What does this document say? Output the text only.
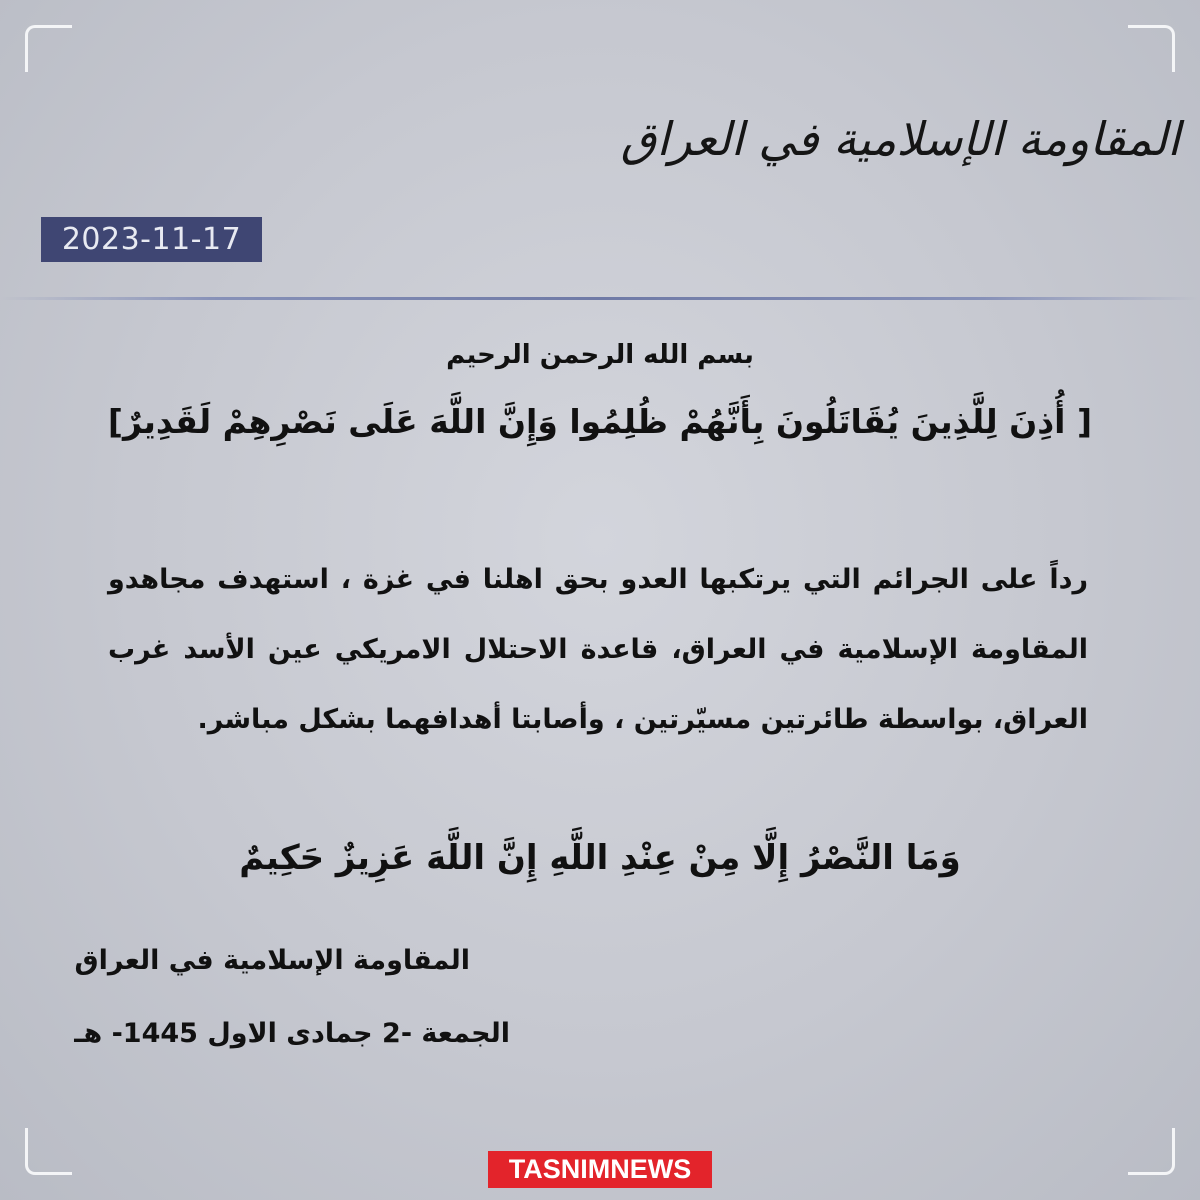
المقاومة الإسلامية في العراق
2023-11-17
بسم الله الرحمن الرحيم
[ أُذِنَ لِلَّذِينَ يُقَاتَلُونَ بِأَنَّهُمْ ظُلِمُوا وَإِنَّ اللَّهَ عَلَى نَصْرِهِمْ لَقَدِيرٌ]
رداً على الجرائم التي يرتكبها العدو بحق اهلنا في غزة ، استهدف مجاهدو المقاومة الإسلامية في العراق، قاعدة الاحتلال الامريكي عين الأسد غرب العراق، بواسطة طائرتين مسيّرتين ، وأصابتا أهدافهما بشكل مباشر.
وَمَا النَّصْرُ إِلَّا مِنْ عِنْدِ اللَّهِ إِنَّ اللَّهَ عَزِيزٌ حَكِيمٌ
المقاومة الإسلامية في العراق
الجمعة -2 جمادى الاول 1445- هـ
TASNIMNEWS
